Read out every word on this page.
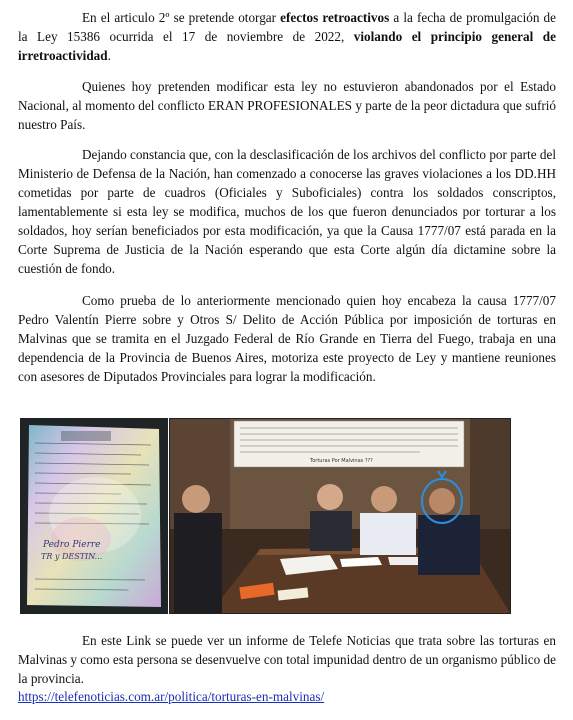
En el articulo 2º se pretende otorgar efectos retroactivos a la fecha de promulgación de la Ley 15386 ocurrida el 17 de noviembre de 2022, violando el principio general de irretroactividad.

Quienes hoy pretenden modificar esta ley no estuvieron abandonados por el Estado Nacional, al momento del conflicto ERAN PROFESIONALES y parte de la peor dictadura que sufrió nuestro País.

Dejando constancia que, con la desclasificación de los archivos del conflicto por parte del Ministerio de Defensa de la Nación, han comenzado a conocerse las graves violaciones a los DD.HH cometidas por parte de cuadros (Oficiales y Suboficiales) contra los soldados conscriptos, lamentablemente si esta ley se modifica, muchos de los que fueron denunciados por torturar a los soldados, hoy serían beneficiados por esta modificación, ya que la Causa 1777/07 está parada en la Corte Suprema de Justicia de la Nación esperando que esta Corte algún día dictamine sobre la cuestión de fondo.

Como prueba de lo anteriormente mencionado quien hoy encabeza la causa 1777/07 Pedro Valentín Pierre sobre y Otros S/ Delito de Acción Pública por imposición de torturas en Malvinas que se tramita en el Juzgado Federal de Río Grande en Tierra del Fuego, trabaja en una dependencia de la Provincia de Buenos Aires, motoriza este proyecto de Ley y mantiene reuniones con asesores de Diputados Provinciales para lograr la modificación.

Pedro Pierre
TR y DESTIN...
Torturas Por Malvinas ???

En este Link se puede ver un informe de Telefe Noticias que trata sobre las torturas en Malvinas y como esta persona se desenvuelve con total impunidad dentro de un organismo público de la provincia.

https://telefenoticias.com.ar/politica/torturas-en-malvinas/
